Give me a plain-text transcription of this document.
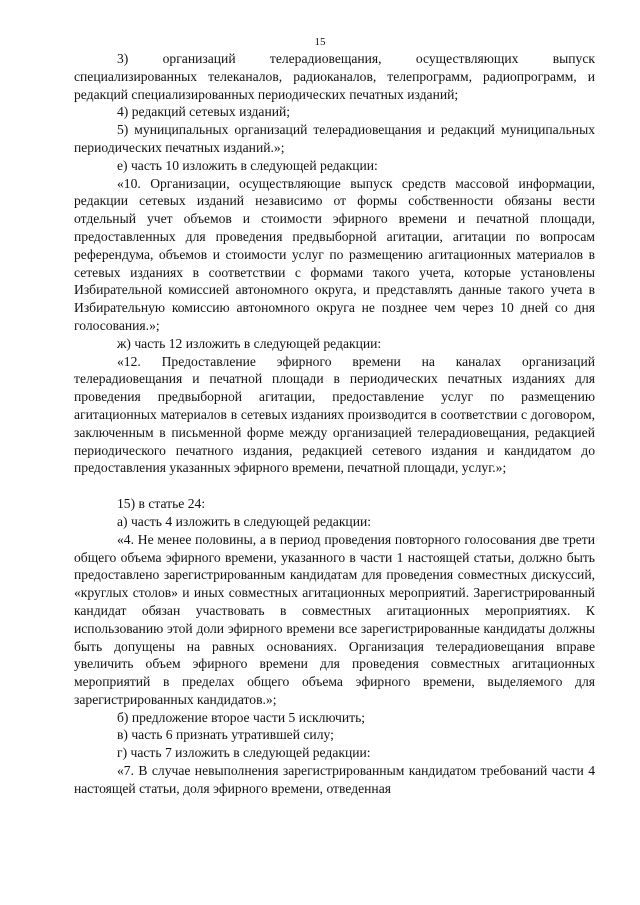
15

3) организаций телерадиовещания, осуществляющих выпуск специализированных телеканалов, радиоканалов, телепрограмм, радиопрограмм, и редакций специализированных периодических печатных изданий;

4) редакций сетевых изданий;

5) муниципальных организаций телерадиовещания и редакций муниципальных периодических печатных изданий.»;

е) часть 10 изложить в следующей редакции:

«10. Организации, осуществляющие выпуск средств массовой информации, редакции сетевых изданий независимо от формы собственности обязаны вести отдельный учет объемов и стоимости эфирного времени и печатной площади, предоставленных для проведения предвыборной агитации, агитации по вопросам референдума, объемов и стоимости услуг по размещению агитационных материалов в сетевых изданиях в соответствии с формами такого учета, которые установлены Избирательной комиссией автономного округа, и представлять данные такого учета в Избирательную комиссию автономного округа не позднее чем через 10 дней со дня голосования.»;

ж) часть 12 изложить в следующей редакции:

«12. Предоставление эфирного времени на каналах организаций телерадиовещания и печатной площади в периодических печатных изданиях для проведения предвыборной агитации, предоставление услуг по размещению агитационных материалов в сетевых изданиях производится в соответствии с договором, заключенным в письменной форме между организацией телерадиовещания, редакцией периодического печатного издания, редакцией сетевого издания и кандидатом до предоставления указанных эфирного времени, печатной площади, услуг.»;

15) в статье 24:

а) часть 4 изложить в следующей редакции:

«4. Не менее половины, а в период проведения повторного голосования две трети общего объема эфирного времени, указанного в части 1 настоящей статьи, должно быть предоставлено зарегистрированным кандидатам для проведения совместных дискуссий, «круглых столов» и иных совместных агитационных мероприятий. Зарегистрированный кандидат обязан участвовать в совместных агитационных мероприятиях. К использованию этой доли эфирного времени все зарегистрированные кандидаты должны быть допущены на равных основаниях. Организация телерадиовещания вправе увеличить объем эфирного времени для проведения совместных агитационных мероприятий в пределах общего объема эфирного времени, выделяемого для зарегистрированных кандидатов.»;

б) предложение второе части 5 исключить;

в) часть 6 признать утратившей силу;

г) часть 7 изложить в следующей редакции:

«7. В случае невыполнения зарегистрированным кандидатом требований части 4 настоящей статьи, доля эфирного времени, отведенная
